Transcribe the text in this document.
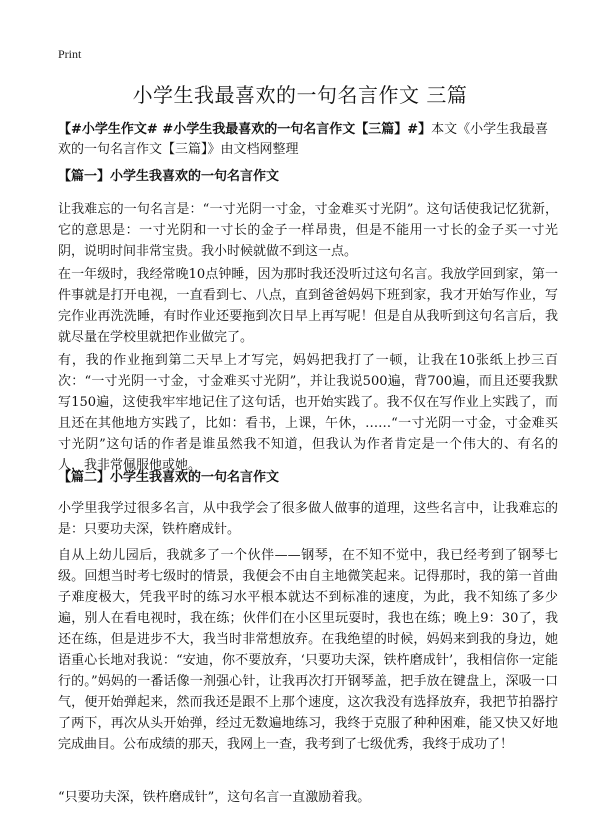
Print
小学生我最喜欢的一句名言作文 三篇
【#小学生作文# #小学生我最喜欢的一句名言作文【三篇】#】本文《小学生我最喜欢的一句名言作文【三篇】》由文档网整理
【篇一】小学生我喜欢的一句名言作文
让我难忘的一句名言是：“一寸光阴一寸金，寸金难买寸光阴”。这句话使我记忆犹新，它的意思是：一寸光阴和一寸长的金子一样昂贵，但是不能用一寸长的金子买一寸光阴，说明时间非常宝贵。我小时候就做不到这一点。
在一年级时，我经常晚10点钟睡，因为那时我还没听过这句名言。我放学回到家，第一件事就是打开电视，一直看到七、八点，直到爸爸妈妈下班到家，我才开始写作业，写完作业再洗洗睡，有时作业还要拖到次日早上再写呢！但是自从我听到这句名言后，我就尽量在学校里就把作业做完了。
有，我的作业拖到第二天早上才写完，妈妈把我打了一顿，让我在10张纸上抄三百次：“一寸光阴一寸金，寸金难买寸光阴”，并让我说500遍，背700遍，而且还要我默写150遍，这使我牢牢地记住了这句话，也开始实践了。我不仅在写作业上实践了，而且还在其他地方实践了，比如：看书，上课，午休，……“一寸光阴一寸金，寸金难买寸光阴”这句话的作者是谁虽然我不知道，但我认为作者肯定是一个伟大的、有名的人，我非常佩服他或她。
【篇二】小学生我喜欢的一句名言作文
小学里我学过很多名言，从中我学会了很多做人做事的道理，这些名言中，让我难忘的是：只要功夫深，铁杵磨成针。
自从上幼儿园后，我就多了一个伙伴——钢琴，在不知不觉中，我已经考到了钢琴七级。回想当时考七级时的情景，我便会不由自主地微笑起来。记得那时，我的第一首曲子难度极大，凭我平时的练习水平根本就达不到标准的速度，为此，我不知练了多少遍，别人在看电视时，我在练；伙伴们在小区里玩耍时，我也在练；晚上9：30了，我还在练，但是进步不大，我当时非常想放弃。在我绝望的时候，妈妈来到我的身边，她语重心长地对我说：“安迪，你不要放弃，‘只要功夫深，铁杵磨成针’，我相信你一定能行的。”妈妈的一番话像一剂强心针，让我再次打开钢琴盖，把手放在键盘上，深吸一口气，便开始弹起来，然而我还是跟不上那个速度，这次我没有选择放弃，我把节拍器拧了两下，再次从头开始弹，经过无数遍地练习，我终于克服了种种困难，能又快又好地完成曲目。公布成绩的那天，我网上一查，我考到了七级优秀，我终于成功了！
“只要功夫深，铁杵磨成针”，这句名言一直激励着我。
